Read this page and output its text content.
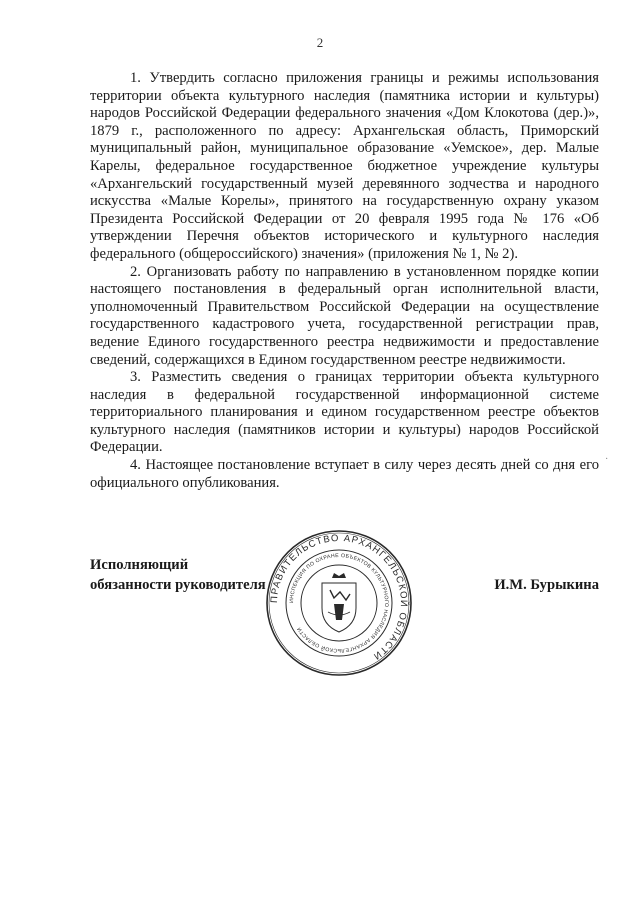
2

1. Утвердить согласно приложения границы и режимы использования территории объекта культурного наследия (памятника истории и культуры) народов Российской Федерации федерального значения «Дом Клокотова (дер.)», 1879 г., расположенного по адресу: Архангельская область, Приморский муниципальный район, муниципальное образование «Уемское», дер. Малые Карелы, федеральное государственное бюджетное учреждение культуры «Архангельский государственный музей деревянного зодчества и народного искусства «Малые Корелы», принятого на государственную охрану указом Президента Российской Федерации от 20 февраля 1995 года № 176 «Об утверждении Перечня объектов исторического и культурного наследия федерального (общероссийского) значения» (приложения № 1, № 2).

2. Организовать работу по направлению в установленном порядке копии настоящего постановления в федеральный орган исполнительной власти, уполномоченный Правительством Российской Федерации на осуществление государственного кадастрового учета, государственной регистрации прав, ведение Единого государственного реестра недвижимости и предоставление сведений, содержащихся в Едином государственном реестре недвижимости.

3. Разместить сведения о границах территории объекта культурного наследия в федеральной государственной информационной системе территориального планирования и едином государственном реестре объектов культурного наследия (памятников истории и культуры) народов Российской Федерации.

4. Настоящее постановление вступает в силу через десять дней со дня его официального опубликования.

Исполняющий
обязанности руководителя	И.М. Бурыкина
ПРАВИТЕЛЬСТВО АРХАНГЕЛЬСКОЙ ОБЛАСТИ
ИНСПЕКЦИЯ ПО ОХРАНЕ ОБЪЕКТОВ КУЛЬТУРНОГО НАСЛЕДИЯ АРХАНГЕЛЬСКОЙ ОБЛАСТИ
·
